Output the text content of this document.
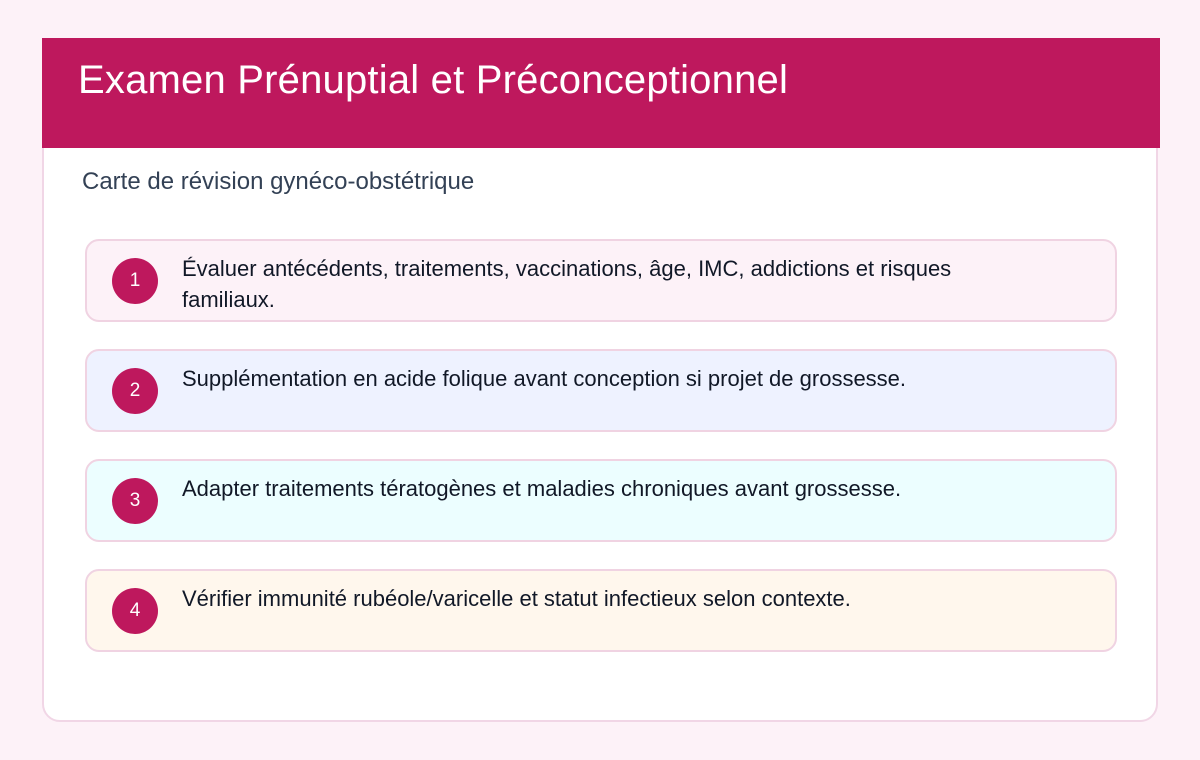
Examen Prénuptial et Préconceptionnel
Carte de révision gynéco-obstétrique
1	Évaluer antécédents, traitements, vaccinations, âge, IMC, addictions et risques familiaux.
2	Supplémentation en acide folique avant conception si projet de grossesse.
3	Adapter traitements tératogènes et maladies chroniques avant grossesse.
4	Vérifier immunité rubéole/varicelle et statut infectieux selon contexte.
